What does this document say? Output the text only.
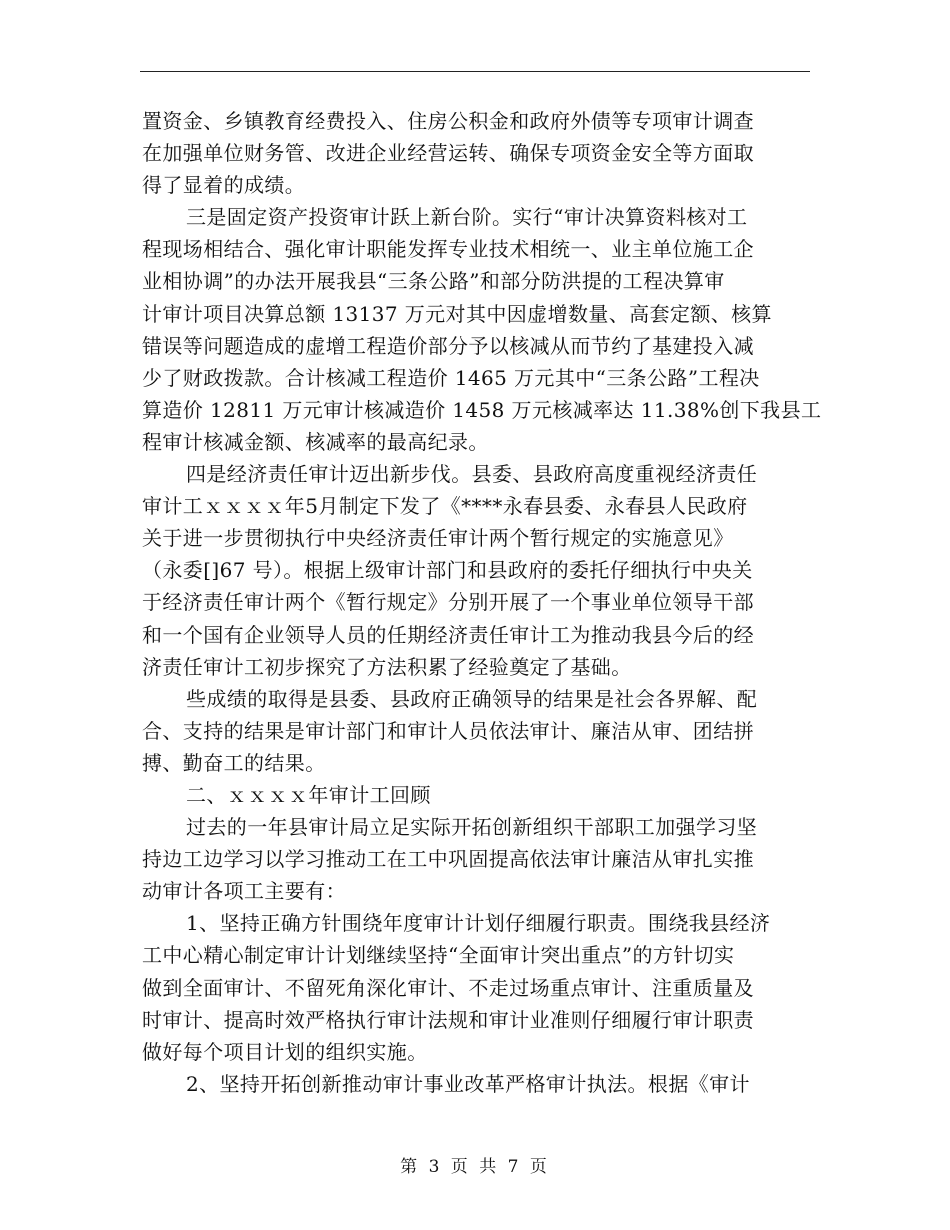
置资金、乡镇教育经费投入、住房公积金和政府外债等专项审计调查
在加强单位财务管、改进企业经营运转、确保专项资金安全等方面取
得了显着的成绩。
三是固定资产投资审计跃上新台阶。实行“审计决算资料核对工
程现场相结合、强化审计职能发挥专业技术相统一、业主单位施工企
业相协调”的办法开展我县“三条公路”和部分防洪提的工程决算审
计审计项目决算总额 13137 万元对其中因虚增数量、高套定额、核算
错误等问题造成的虚增工程造价部分予以核减从而节约了基建投入减
少了财政拨款。合计核减工程造价 1465 万元其中“三条公路”工程决
算造价 12811 万元审计核减造价 1458 万元核减率达 11.38%创下我县工
程审计核减金额、核减率的最高纪录。
四是经济责任审计迈出新步伐。县委、县政府高度重视经济责任
审计工ｘｘｘｘ年5月制定下发了《****永春县委、永春县人民政府
关于进一步贯彻执行中央经济责任审计两个暂行规定的实施意见》
（永委[]67 号）。根据上级审计部门和县政府的委托仔细执行中央关
于经济责任审计两个《暂行规定》分别开展了一个事业单位领导干部
和一个国有企业领导人员的任期经济责任审计工为推动我县今后的经
济责任审计工初步探究了方法积累了经验奠定了基础。
些成绩的取得是县委、县政府正确领导的结果是社会各界解、配
合、支持的结果是审计部门和审计人员依法审计、廉洁从审、团结拼
搏、勤奋工的结果。
二、ｘｘｘｘ年审计工回顾
过去的一年县审计局立足实际开拓创新组织干部职工加强学习坚
持边工边学习以学习推动工在工中巩固提高依法审计廉洁从审扎实推
动审计各项工主要有：
1、坚持正确方针围绕年度审计计划仔细履行职责。围绕我县经济
工中心精心制定审计计划继续坚持“全面审计突出重点”的方针切实
做到全面审计、不留死角深化审计、不走过场重点审计、注重质量及
时审计、提高时效严格执行审计法规和审计业准则仔细履行审计职责
做好每个项目计划的组织实施。
2、坚持开拓创新推动审计事业改革严格审计执法。根据《审计
第 3 页 共 7 页
